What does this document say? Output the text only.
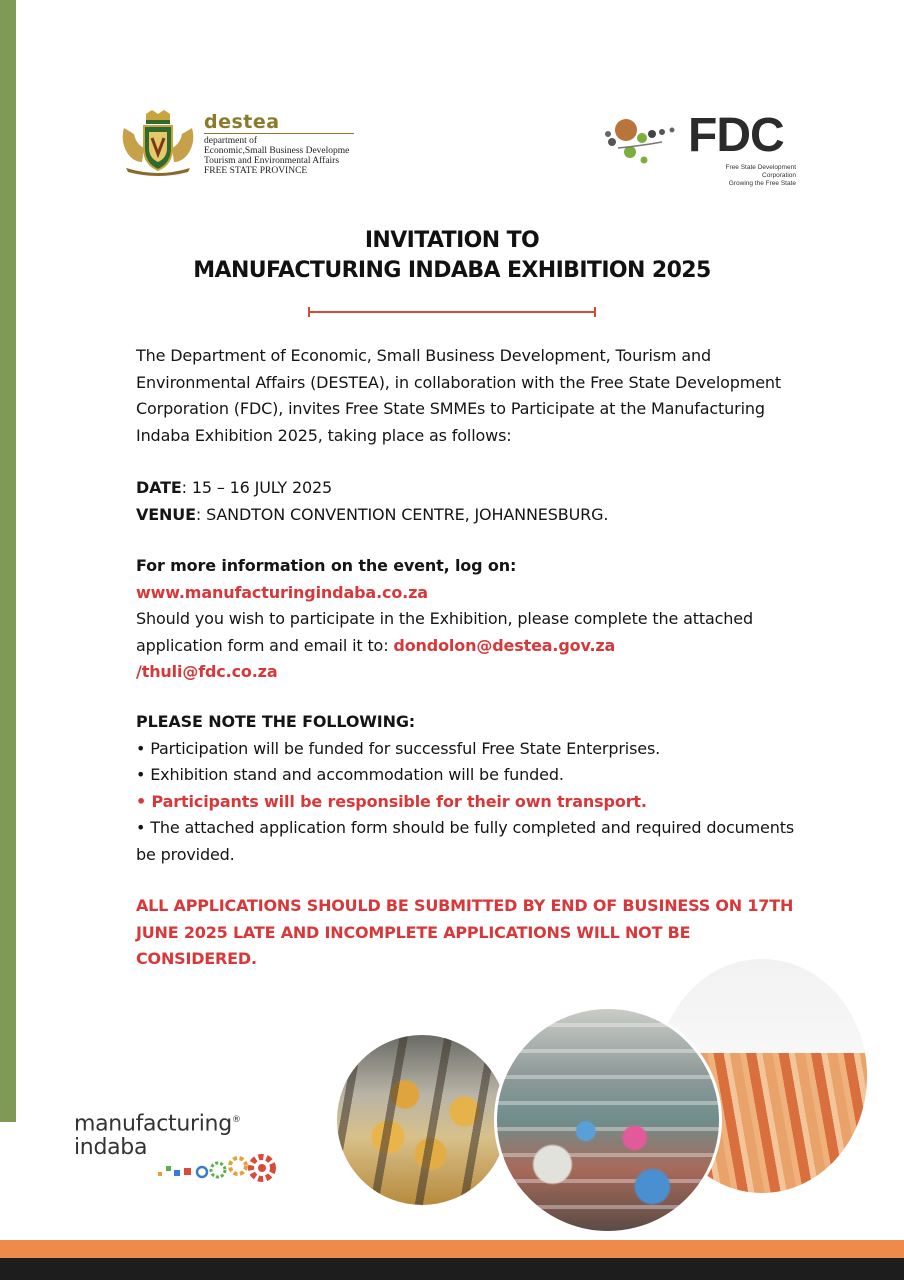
destea
department of
Economic,Small Business Developme
Tourism and Environmental Affairs
FREE STATE PROVINCE
FDC
Free State Development Corporation
Growing the Free State
INVITATION TO
MANUFACTURING INDABA EXHIBITION 2025
The Department of Economic, Small Business Development, Tourism and Environmental Affairs (DESTEA), in collaboration with the Free State Development Corporation (FDC), invites Free State SMMEs to Participate at the Manufacturing Indaba Exhibition 2025, taking place as follows:
DATE: 15 – 16 JULY 2025
VENUE: SANDTON CONVENTION CENTRE, JOHANNESBURG.
For more information on the event, log on:
www.manufacturingindaba.co.za
Should you wish to participate in the Exhibition, please complete the attached application form and email it to: dondolon@destea.gov.za
/thuli@fdc.co.za
PLEASE NOTE THE FOLLOWING:
• Participation will be funded for successful Free State Enterprises.
• Exhibition stand and accommodation will be funded.
• Participants will be responsible for their own transport.
• The attached application form should be fully completed and required documents be provided.
ALL APPLICATIONS SHOULD BE SUBMITTED BY END OF BUSINESS ON 17TH JUNE 2025 LATE AND INCOMPLETE APPLICATIONS WILL NOT BE CONSIDERED.
manufacturing®
indaba
